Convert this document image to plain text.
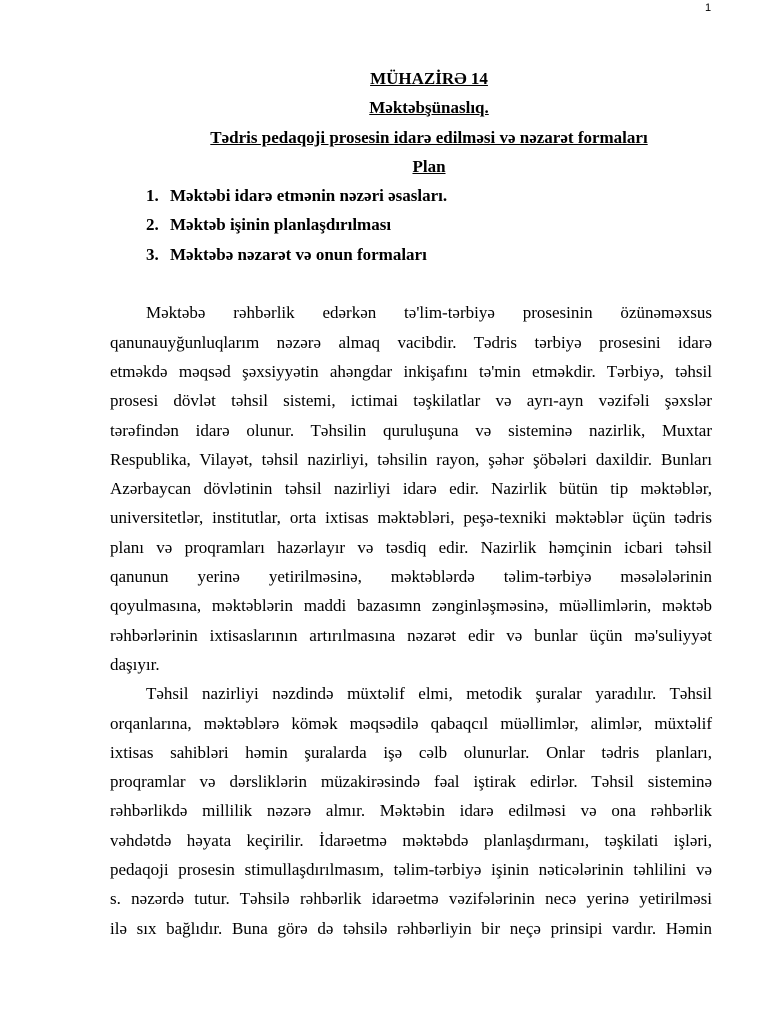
1
MÜHAZİRƏ 14
Məktəbşünaslıq.
Tədris pedaqoji prosesin idarə edilməsi və nəzarət formaları
Plan
1. Məktəbi idarə etmənin nəzəri əsasları.
2. Məktəb işinin planlaşdırılması
3. Məktəbə nəzarət və onun formaları
Məktəbə rəhbərlik edərkən tə'lim-tərbiyə prosesinin özünəməxsus
qanunauyğunluqlarım nəzərə almaq vacibdir. Tədris tərbiyə prosesini idarə
etməkdə məqsəd şəxsiyyətin ahəngdar inkişafını tə'min etməkdir. Tərbiyə, təhsil
prosesi dövlət təhsil sistemi, ictimai təşkilatlar və ayrı-ayn vəzifəli şəxslər
tərəfindən idarə olunur. Təhsilin quruluşuna və sisteminə nazirlik, Muxtar
Respublika, Vilayət, təhsil nazirliyi, təhsilin rayon, şəhər şöbələri daxildir. Bunları
Azərbaycan dövlətinin təhsil nazirliyi idarə edir. Nazirlik bütün tip məktəblər,
universitetlər, institutlar, orta ixtisas məktəbləri, peşə-texniki məktəblər üçün tədris
planı və proqramları hazərlayır və təsdiq edir. Nazirlik həmçinin icbari təhsil
qanunun yerinə yetirilməsinə, məktəblərdə təlim-tərbiyə məsələlərinin
qoyulmasına, məktəblərin maddi bazasımn zənginləşməsinə, müəllimlərin, məktəb
rəhbərlərinin ixtisaslarının artırılmasına nəzarət edir və bunlar üçün mə'suliyyət
daşıyır.
Təhsil nazirliyi nəzdində müxtəlif elmi, metodik şuralar yaradılır. Təhsil
orqanlarına, məktəblərə kömək məqsədilə qabaqcıl müəllimlər, alimlər, müxtəlif
ixtisas sahibləri həmin şuralarda işə cəlb olunurlar. Onlar tədris planları,
proqramlar və dərsliklərin müzakirəsində fəal iştirak edirlər. Təhsil sisteminə
rəhbərlikdə millilik nəzərə almır. Məktəbin idarə edilməsi və ona rəhbərlik
vəhdətdə həyata keçirilir. İdarəetmə məktəbdə planlaşdırmanı, təşkilati işləri,
pedaqoji prosesin stimullaşdırılmasım, təlim-tərbiyə işinin nəticələrinin təhlilini və
s. nəzərdə tutur. Təhsilə rəhbərlik idarəetmə vəzifələrinin necə yerinə yetirilməsi
ilə sıx bağlıdır. Buna görə də təhsilə rəhbərliyin bir neçə prinsipi vardır. Həmin
